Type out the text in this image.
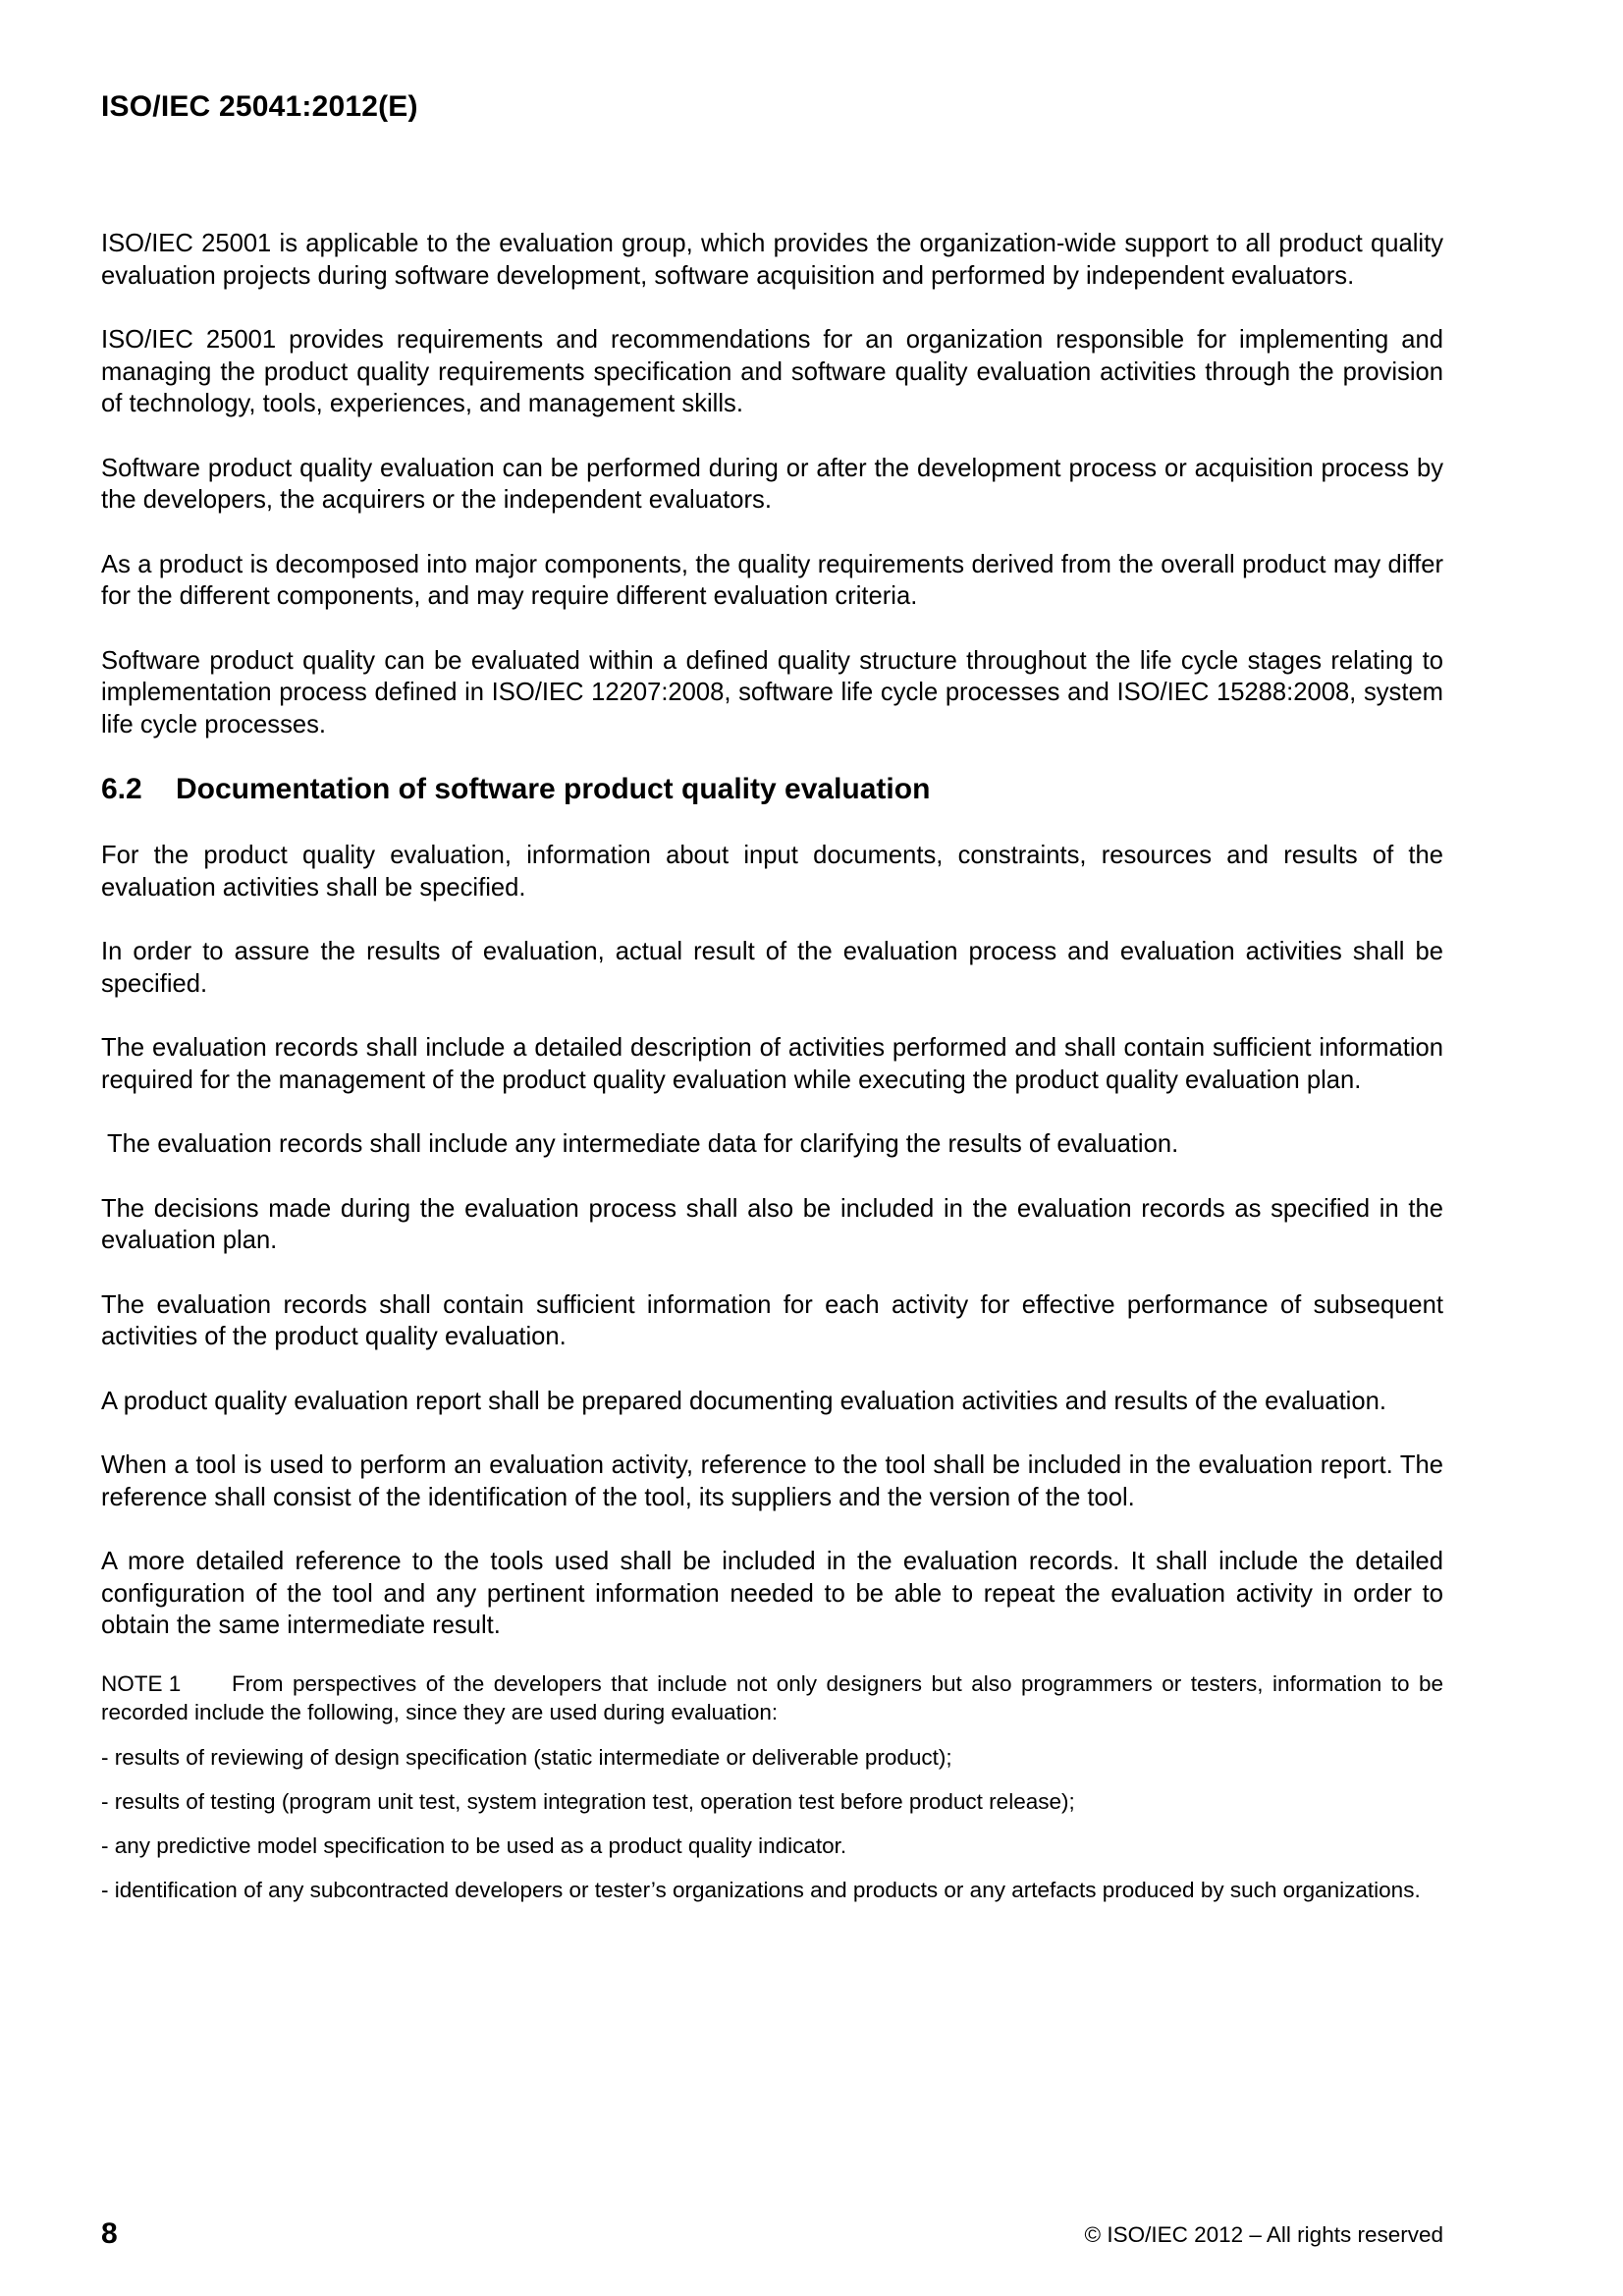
ISO/IEC 25041:2012(E)

ISO/IEC 25001 is applicable to the evaluation group, which provides the organization-wide support to all product quality evaluation projects during software development, software acquisition and performed by independent evaluators.

ISO/IEC 25001 provides requirements and recommendations for an organization responsible for implementing and managing the product quality requirements specification and software quality evaluation activities through the provision of technology, tools, experiences, and management skills.

Software product quality evaluation can be performed during or after the development process or acquisition process by the developers, the acquirers or the independent evaluators.

As a product is decomposed into major components, the quality requirements derived from the overall product may differ for the different components, and may require different evaluation criteria.

Software product quality can be evaluated within a defined quality structure throughout the life cycle stages relating to implementation process defined in ISO/IEC 12207:2008, software life cycle processes and ISO/IEC 15288:2008, system life cycle processes.

6.2	Documentation of software product quality evaluation

For the product quality evaluation, information about input documents, constraints, resources and results of the evaluation activities shall be specified.

In order to assure the results of evaluation, actual result of the evaluation process and evaluation activities shall be specified.

The evaluation records shall include a detailed description of activities performed and shall contain sufficient information required for the management of the product quality evaluation while executing the product quality evaluation plan.

The evaluation records shall include any intermediate data for clarifying the results of evaluation.

The decisions made during the evaluation process shall also be included in the evaluation records as specified in the evaluation plan.

The evaluation records shall contain sufficient information for each activity for effective performance of subsequent activities of the product quality evaluation.

A product quality evaluation report shall be prepared documenting evaluation activities and results of the evaluation.

When a tool is used to perform an evaluation activity, reference to the tool shall be included in the evaluation report. The reference shall consist of the identification of the tool, its suppliers and the version of the tool.

A more detailed reference to the tools used shall be included in the evaluation records. It shall include the detailed configuration of the tool and any pertinent information needed to be able to repeat the evaluation activity in order to obtain the same intermediate result.

NOTE 1 From perspectives of the developers that include not only designers but also programmers or testers, information to be recorded include the following, since they are used during evaluation:

- results of reviewing of design specification (static intermediate or deliverable product);

- results of testing (program unit test, system integration test, operation test before product release);

- any predictive model specification to be used as a product quality indicator.

- identification of any subcontracted developers or tester’s organizations and products or any artefacts produced by such organizations.

8	© ISO/IEC 2012 – All rights reserved
